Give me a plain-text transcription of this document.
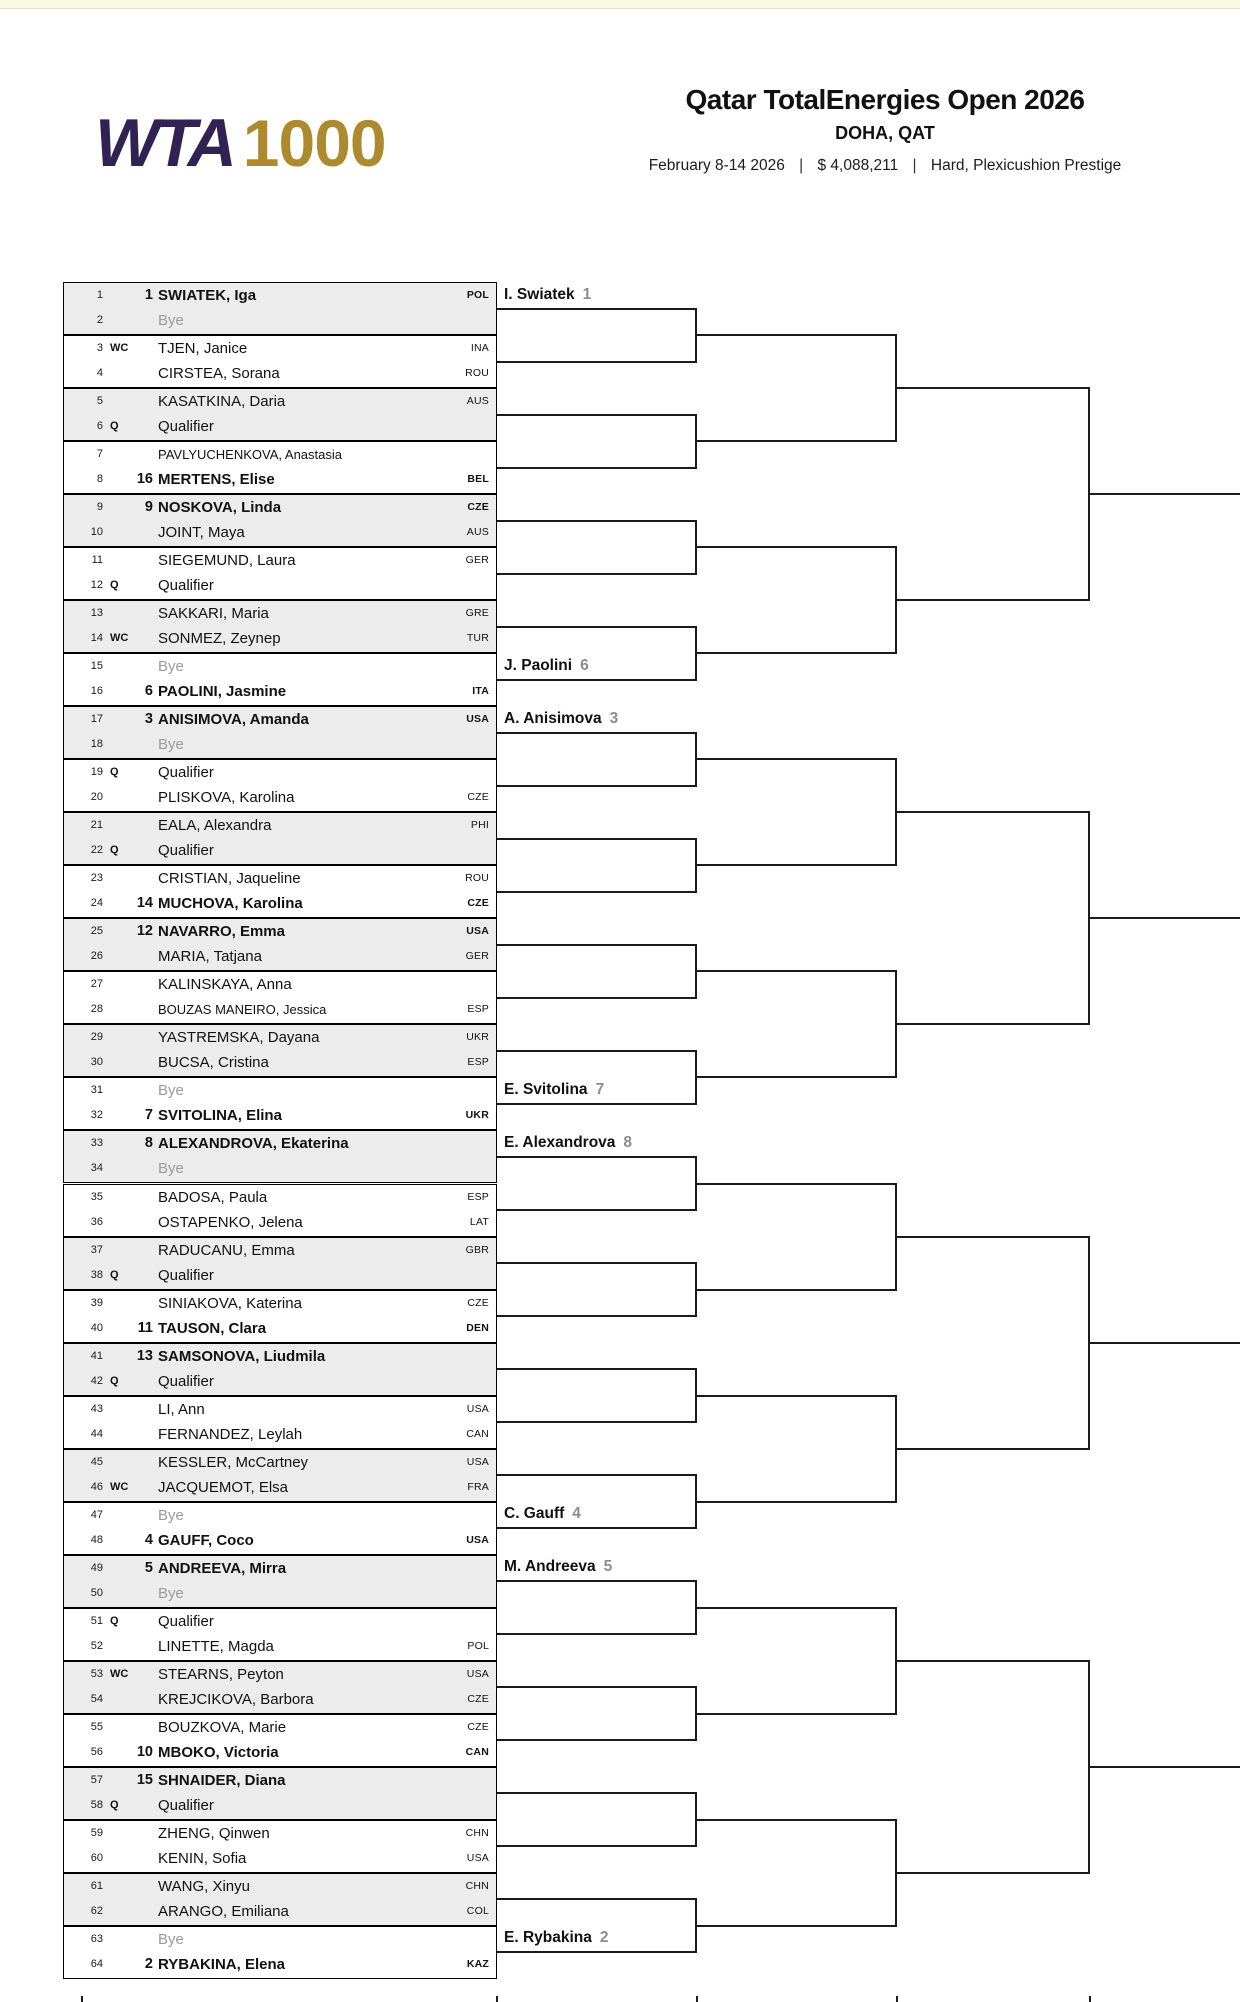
WTA 1000
Qatar TotalEnergies Open 2026
DOHA, QAT
February 8-14 2026 | $ 4,088,211 | Hard, Plexicushion Prestige
1	1 SWIATEK, Iga	POL
2	Bye
3 WC TJEN, Janice	INA
4	CIRSTEA, Sorana	ROU
5	KASATKINA, Daria	AUS
6 Q	Qualifier
7	PAVLYUCHENKOVA, Anastasia
8	16 MERTENS, Elise	BEL
9	9 NOSKOVA, Linda	CZE
10	JOINT, Maya	AUS
11	SIEGEMUND, Laura	GER
12 Q	Qualifier
13	SAKKARI, Maria	GRE
14 WC SONMEZ, Zeynep	TUR
15	Bye
16	6 PAOLINI, Jasmine	ITA
17	3 ANISIMOVA, Amanda	USA
18	Bye
19 Q	Qualifier
20	PLISKOVA, Karolina	CZE
21	EALA, Alexandra	PHI
22 Q	Qualifier
23	CRISTIAN, Jaqueline	ROU
24	14 MUCHOVA, Karolina	CZE
25	12 NAVARRO, Emma	USA
26	MARIA, Tatjana	GER
27	KALINSKAYA, Anna
28	BOUZAS MANEIRO, Jessica	ESP
29	YASTREMSKA, Dayana	UKR
30	BUCSA, Cristina	ESP
31	Bye
32	7 SVITOLINA, Elina	UKR
33	8 ALEXANDROVA, Ekaterina
34	Bye
35	BADOSA, Paula	ESP
36	OSTAPENKO, Jelena	LAT
37	RADUCANU, Emma	GBR
38 Q	Qualifier
39	SINIAKOVA, Katerina	CZE
40	11 TAUSON, Clara	DEN
41	13 SAMSONOVA, Liudmila
42 Q	Qualifier
43	LI, Ann	USA
44	FERNANDEZ, Leylah	CAN
45	KESSLER, McCartney	USA
46 WC JACQUEMOT, Elsa	FRA
47	Bye
48	4 GAUFF, Coco	USA
49	5 ANDREEVA, Mirra
50	Bye
51 Q	Qualifier
52	LINETTE, Magda	POL
53 WC STEARNS, Peyton	USA
54	KREJCIKOVA, Barbora	CZE
55	BOUZKOVA, Marie	CZE
56	10 MBOKO, Victoria	CAN
57	15 SHNAIDER, Diana
58 Q	Qualifier
59	ZHENG, Qinwen	CHN
60	KENIN, Sofia	USA
61	WANG, Xinyu	CHN
62	ARANGO, Emiliana	COL
63	Bye
64	2 RYBAKINA, Elena	KAZ
I. Swiatek 1
J. Paolini 6
A. Anisimova 3
E. Svitolina 7
E. Alexandrova 8
C. Gauff 4
M. Andreeva 5
E. Rybakina 2
